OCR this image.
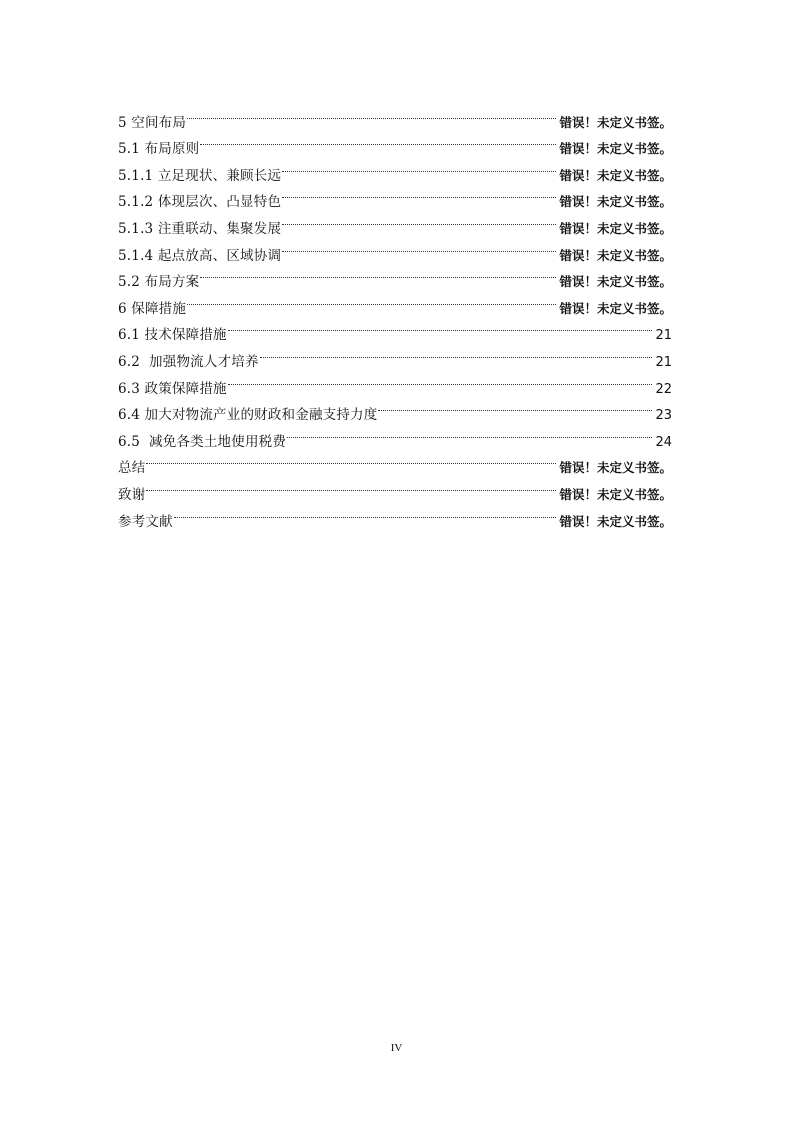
5 空间布局	错误！未定义书签。
5.1 布局原则	错误！未定义书签。
5.1.1 立足现状、兼顾长远	错误！未定义书签。
5.1.2 体现层次、凸显特色	错误！未定义书签。
5.1.3 注重联动、集聚发展	错误！未定义书签。
5.1.4 起点放高、区域协调	错误！未定义书签。
5.2 布局方案	错误！未定义书签。
6 保障措施	错误！未定义书签。
6.1 技术保障措施	21
6.2  加强物流人才培养	21
6.3 政策保障措施	22
6.4 加大对物流产业的财政和金融支持力度	23
6.5  减免各类土地使用税费	24
总结	错误！未定义书签。
致谢	错误！未定义书签。
参考文献	错误！未定义书签。
IV
